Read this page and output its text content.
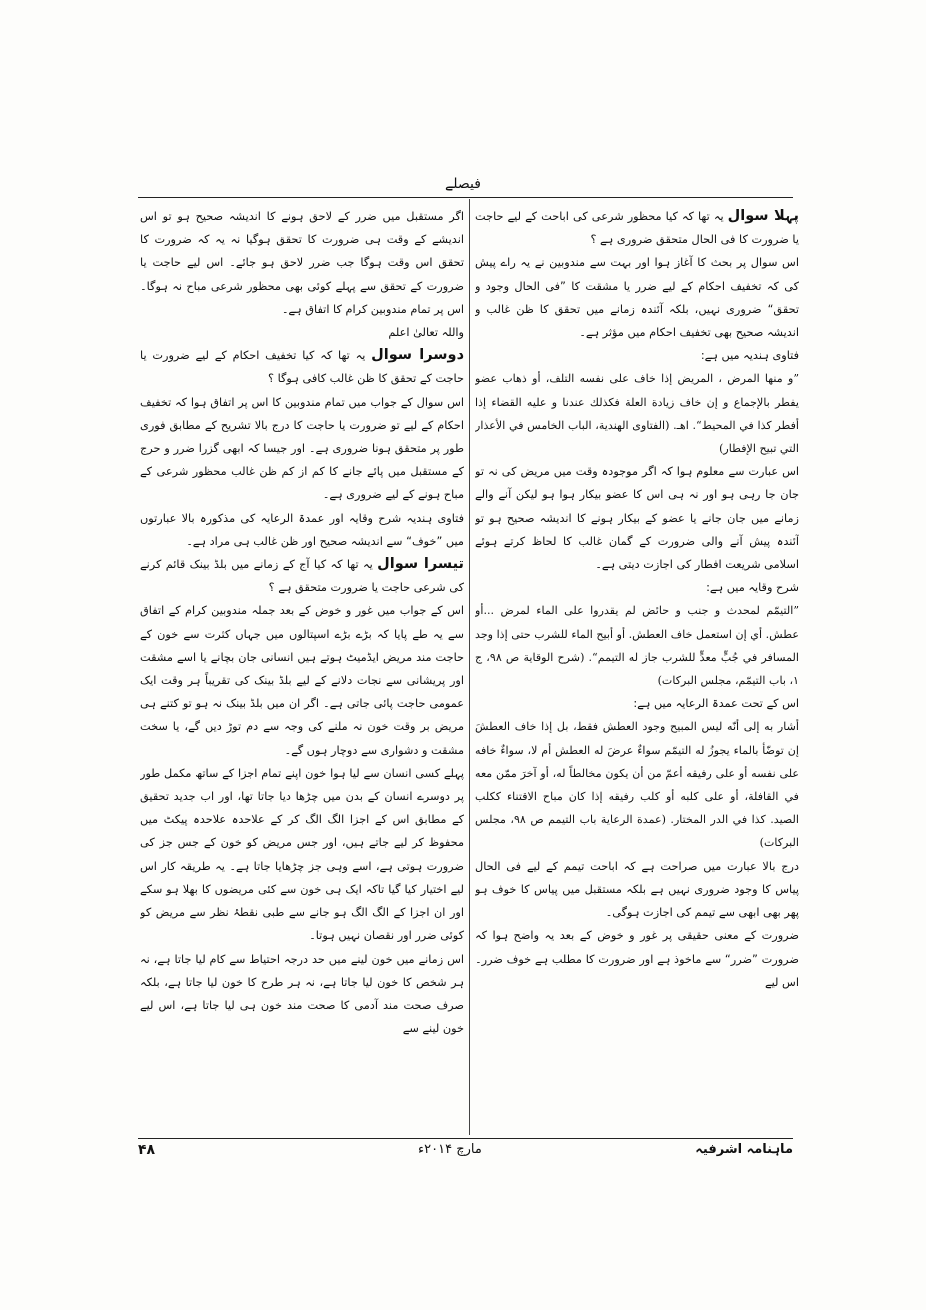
فیصلے

پہلا سوال یہ تھا کہ کیا محظور شرعی کی اباحت کے لیے حاجت یا ضرورت کا فی الحال متحقق ضروری ہے ؟

اس سوال پر بحث کا آغاز ہوا اور بہت سے مندوبین نے یہ راے پیش کی کہ تخفیف احکام کے لیے ضرر یا مشقت کا ”فی الحال وجود و تحقق“ ضروری نہیں، بلکہ آئندہ زمانے میں تحقق کا ظن غالب و اندیشہ صحیح بھی تخفیف احکام میں مؤثر ہے۔

فتاوی ہندیہ میں ہے:

”و منها المرض ، المريض إذا خاف على نفسه التلف، أو ذهاب عضو يفطر بالإجماع و إن خاف زيادة العلة فكذلك عندنا و عليه القضاء إذا أفطر كذا في المحيط“. اهـ. (الفتاوى الهندية، الباب الخامس في الأعذار التي تبيح الإفطار)

اس عبارت سے معلوم ہوا کہ اگر موجودہ وقت میں مریض کی نہ تو جان جا رہی ہو اور نہ ہی اس کا عضو بیکار ہوا ہو لیکن آنے والے زمانے میں جان جانے یا عضو کے بیکار ہونے کا اندیشہ صحیح ہو تو آئندہ پیش آنے والی ضرورت کے گمان غالب کا لحاظ کرتے ہوئے اسلامی شریعت افطار کی اجازت دیتی ہے۔

شرح وقایہ میں ہے:

”التيمّم لمحدث و جنب و حائض لم يقدروا على الماء لمرض ...أو عطش. أي إن استعمل خاف العطش. أو أبيح الماء للشرب حتى إذا وجد المسافر في جُبٍّ معدٍّ للشرب جاز له التيمم“. (شرح الوقاية ص ٩٨، ج ١، باب التيمّم، مجلس البركات)

اس کے تحت عمدۃ الرعایہ میں ہے:

أشار به إلى أنّه ليس المبيح وجود العطش فقط، بل إذا خاف العطشَ إن توضّأ بالماء يجوزُ له التيمّم سواءٌ عرضَ له العطش أم لا، سواءٌ خافه على نفسه أو على رفيقه أعمّ من أن يكون مخالطاً له، أو آخرَ ممّن معه في القافلة، أو على كلبه أو كلب رفيقه إذا كان مباح الاقتناء ككلب الصيد. كذا في الدر المختار. (عمدة الرعاية باب التيمم ص ٩٨، مجلس البركات)

درج بالا عبارت میں صراحت ہے کہ اباحت تیمم کے لیے فی الحال پیاس کا وجود ضروری نہیں ہے بلکہ مستقبل میں پیاس کا خوف ہو پھر بھی ابھی سے تیمم کی اجازت ہوگی۔

ضرورت کے معنی حقیقی پر غور و خوض کے بعد یہ واضح ہوا کہ ضرورت ”ضرر“ سے ماخوذ ہے اور ضرورت کا مطلب ہے خوف ضرر۔ اس لیے

اگر مستقبل میں ضرر کے لاحق ہونے کا اندیشہ صحیح ہو تو اس اندیشے کے وقت ہی ضرورت کا تحقق ہوگیا نہ یہ کہ ضرورت کا تحقق اس وقت ہوگا جب ضرر لاحق ہو جائے۔ اس لیے حاجت یا ضرورت کے تحقق سے پہلے کوئی بھی محظور شرعی مباح نہ ہوگا۔ اس پر تمام مندوبین کرام کا اتفاق ہے۔

واللہ تعالیٰ اعلم

دوسرا سوال یہ تھا کہ کیا تخفیف احکام کے لیے ضرورت یا حاجت کے تحقق کا ظن غالب کافی ہوگا ؟

اس سوال کے جواب میں تمام مندوبین کا اس پر اتفاق ہوا کہ تخفیف احکام کے لیے تو ضرورت یا حاجت کا درج بالا تشریح کے مطابق فوری طور پر متحقق ہونا ضروری ہے۔ اور جیسا کہ ابھی گزرا ضرر و حرج کے مستقبل میں پائے جانے کا کم از کم ظن غالب محظور شرعی کے مباح ہونے کے لیے ضروری ہے۔

فتاوی ہندیہ شرح وقایہ اور عمدۃ الرعایہ کی مذکورہ بالا عبارتوں میں ”خوف“ سے اندیشہ صحیح اور ظن غالب ہی مراد ہے۔

تیسرا سوال یہ تھا کہ کیا آج کے زمانے میں بلڈ بینک قائم کرنے کی شرعی حاجت یا ضرورت متحقق ہے ؟

اس کے جواب میں غور و خوض کے بعد جملہ مندوبین کرام کے اتفاق سے یہ طے پایا کہ بڑے بڑے اسپتالوں میں جہاں کثرت سے خون کے حاجت مند مریض ایڈمیٹ ہوتے ہیں انسانی جان بچانے یا اسے مشقت اور پریشانی سے نجات دلانے کے لیے بلڈ بینک کی تقریباً ہر وقت ایک عمومی حاجت پائی جاتی ہے۔ اگر ان میں بلڈ بینک نہ ہو تو کتنے ہی مریض بر وقت خون نہ ملنے کی وجہ سے دم توڑ دیں گے، یا سخت مشقت و دشواری سے دوچار ہوں گے۔

پہلے کسی انسان سے لیا ہوا خون اپنے تمام اجزا کے ساتھ مکمل طور پر دوسرے انسان کے بدن میں چڑھا دیا جاتا تھا، اور اب جدید تحقیق کے مطابق اس کے اجزا الگ الگ کر کے علاحدہ علاحدہ پیکٹ میں محفوظ کر لیے جاتے ہیں، اور جس مریض کو خون کے جس جز کی ضرورت ہوتی ہے، اسے وہی جز چڑھایا جاتا ہے۔ یہ طریقہ کار اس لیے اختیار کیا گیا تاکہ ایک ہی خون سے کئی مریضوں کا بھلا ہو سکے اور ان اجزا کے الگ الگ ہو جانے سے طبی نقطۂ نظر سے مریض کو کوئی ضرر اور نقصان نہیں ہوتا۔

اس زمانے میں خون لینے میں حد درجہ احتیاط سے کام لیا جاتا ہے، نہ ہر شخص کا خون لیا جاتا ہے، نہ ہر طرح کا خون لیا جاتا ہے، بلکہ صرف صحت مند آدمی کا صحت مند خون ہی لیا جاتا ہے، اس لیے خون لینے سے

ماہنامہ اشرفیہ
مارچ ۲۰۱۴ء
۴۸
